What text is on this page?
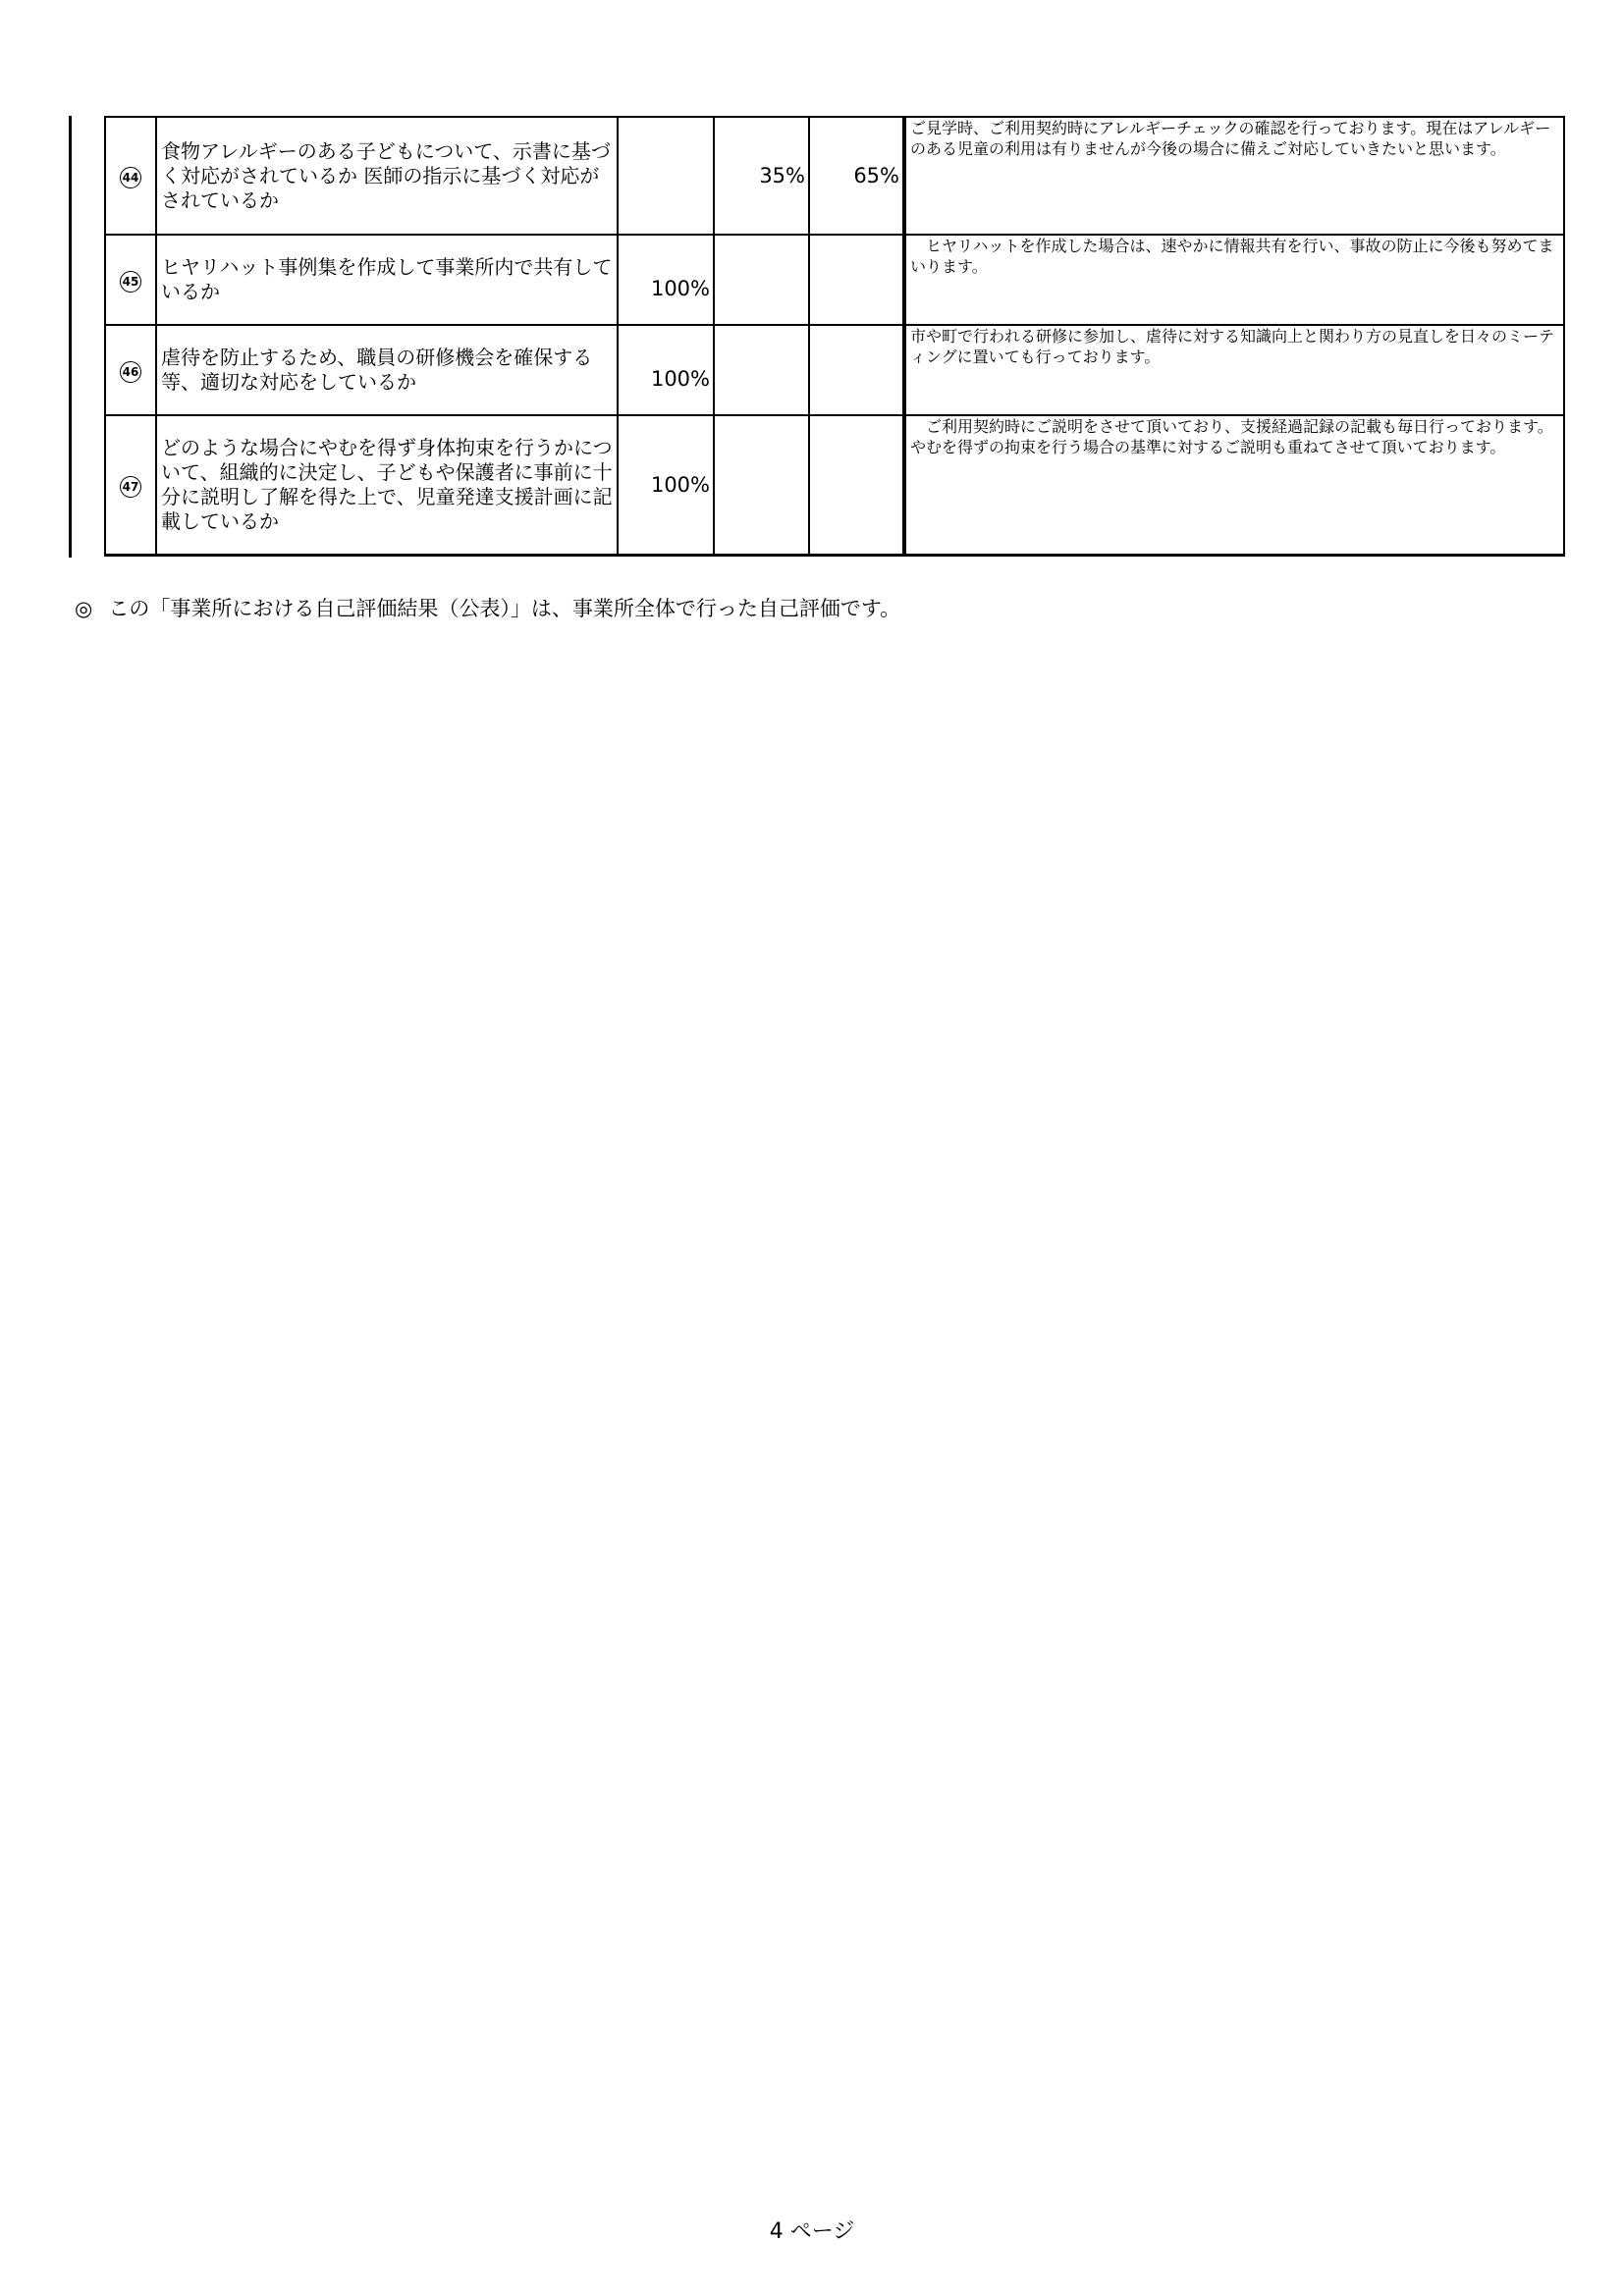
44	食物アレルギーのある子どもについて、示書に基づく対応がされているか 医師の指示に基づく対応がされているか		35%	65%	ご見学時、ご利用契約時にアレルギーチェックの確認を行っております。現在はアレルギーのある児童の利用は有りませんが今後の場合に備えご対応していきたいと思います。
45	ヒヤリハット事例集を作成して事業所内で共有しているか	100%			　ヒヤリハットを作成した場合は、速やかに情報共有を行い、事故の防止に今後も努めてまいります。
46	虐待を防止するため、職員の研修機会を確保する等、適切な対応をしているか	100%			市や町で行われる研修に参加し、虐待に対する知識向上と関わり方の見直しを日々のミーティングに置いても行っております。
47	どのような場合にやむを得ず身体拘束を行うかについて、組織的に決定し、子どもや保護者に事前に十分に説明し了解を得た上で、児童発達支援計画に記載しているか	100%			　ご利用契約時にご説明をさせて頂いており、支援経過記録の記載も毎日行っております。やむを得ずの拘束を行う場合の基準に対するご説明も重ねてさせて頂いております。
◎ この「事業所における自己評価結果（公表）」は、事業所全体で行った自己評価です。
4 ページ
